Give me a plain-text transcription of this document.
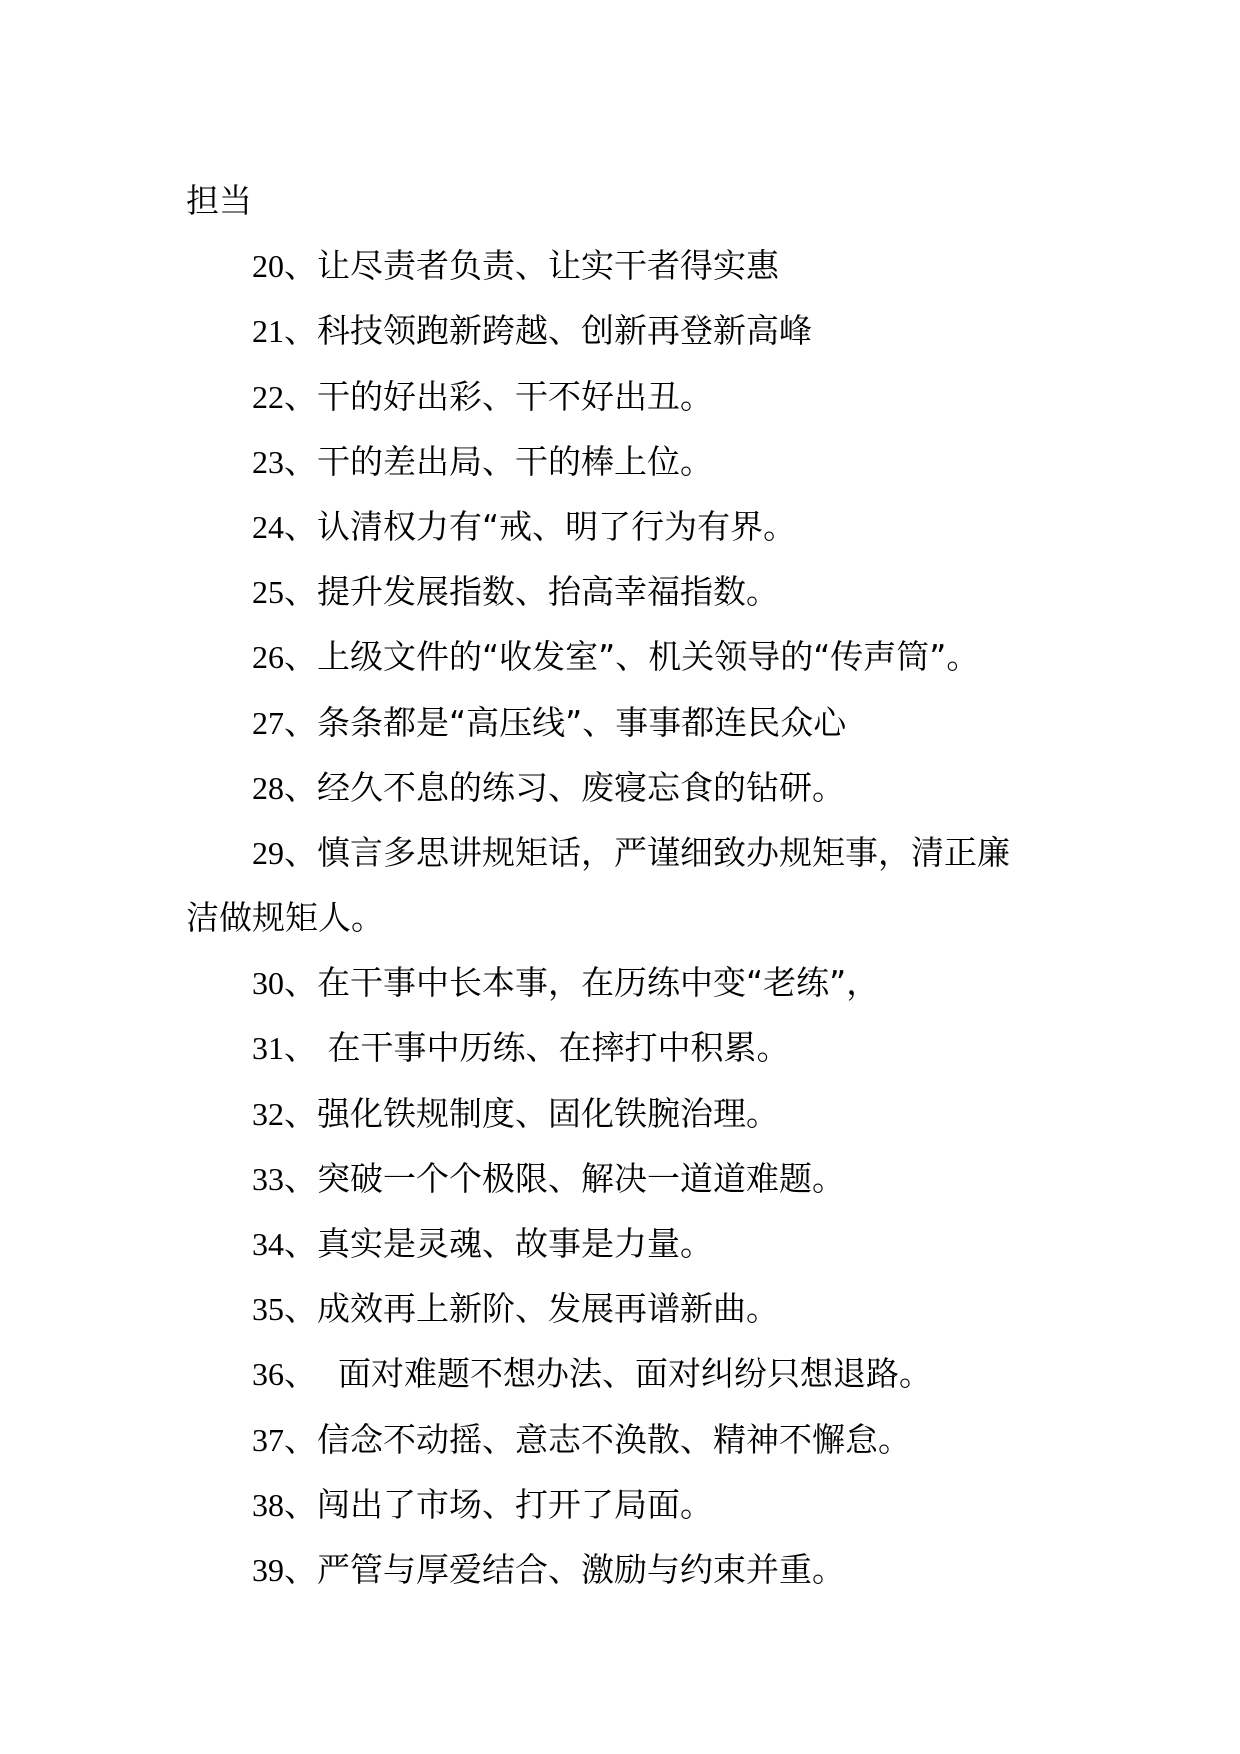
担当
20、让尽责者负责、让实干者得实惠
21、科技领跑新跨越、创新再登新高峰
22、干的好出彩、干不好出丑。
23、干的差出局、干的棒上位。
24、认清权力有“戒、明了行为有界。
25、提升发展指数、抬高幸福指数。
26、上级文件的“收发室”、机关领导的“传声筒”。
27、条条都是“高压线”、事事都连民众心
28、经久不息的练习、废寝忘食的钻研。
29、慎言多思讲规矩话，严谨细致办规矩事，清正廉
洁做规矩人。
30、在干事中长本事，在历练中变“老练”，
31、 在干事中历练、在摔打中积累。
32、强化铁规制度、固化铁腕治理。
33、突破一个个极限、解决一道道难题。
34、真实是灵魂、故事是力量。
35、成效再上新阶、发展再谱新曲。
36、  面对难题不想办法、面对纠纷只想退路。
37、信念不动摇、意志不涣散、精神不懈怠。
38、闯出了市场、打开了局面。
39、严管与厚爱结合、激励与约束并重。
